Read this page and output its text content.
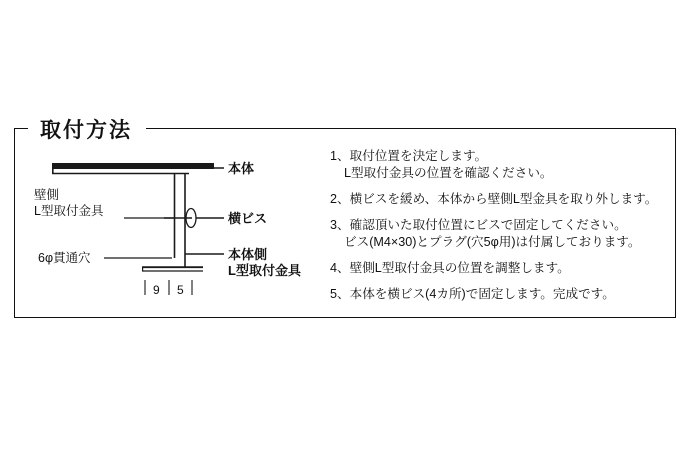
取付方法
本体
壁側
L型取付金具	横ビス
6φ貫通穴	本体側
L型取付金具
9 5
1、取付位置を決定します。
L型取付金具の位置を確認ください。
2、横ビスを緩め、本体から壁側L型金具を取り外します。
3、確認頂いた取付位置にビスで固定してください。
ビス(M4×30)とプラグ(穴5φ用)は付属しております。
4、壁側L型取付金具の位置を調整します。
5、本体を横ビス(4カ所)で固定します。完成です。
